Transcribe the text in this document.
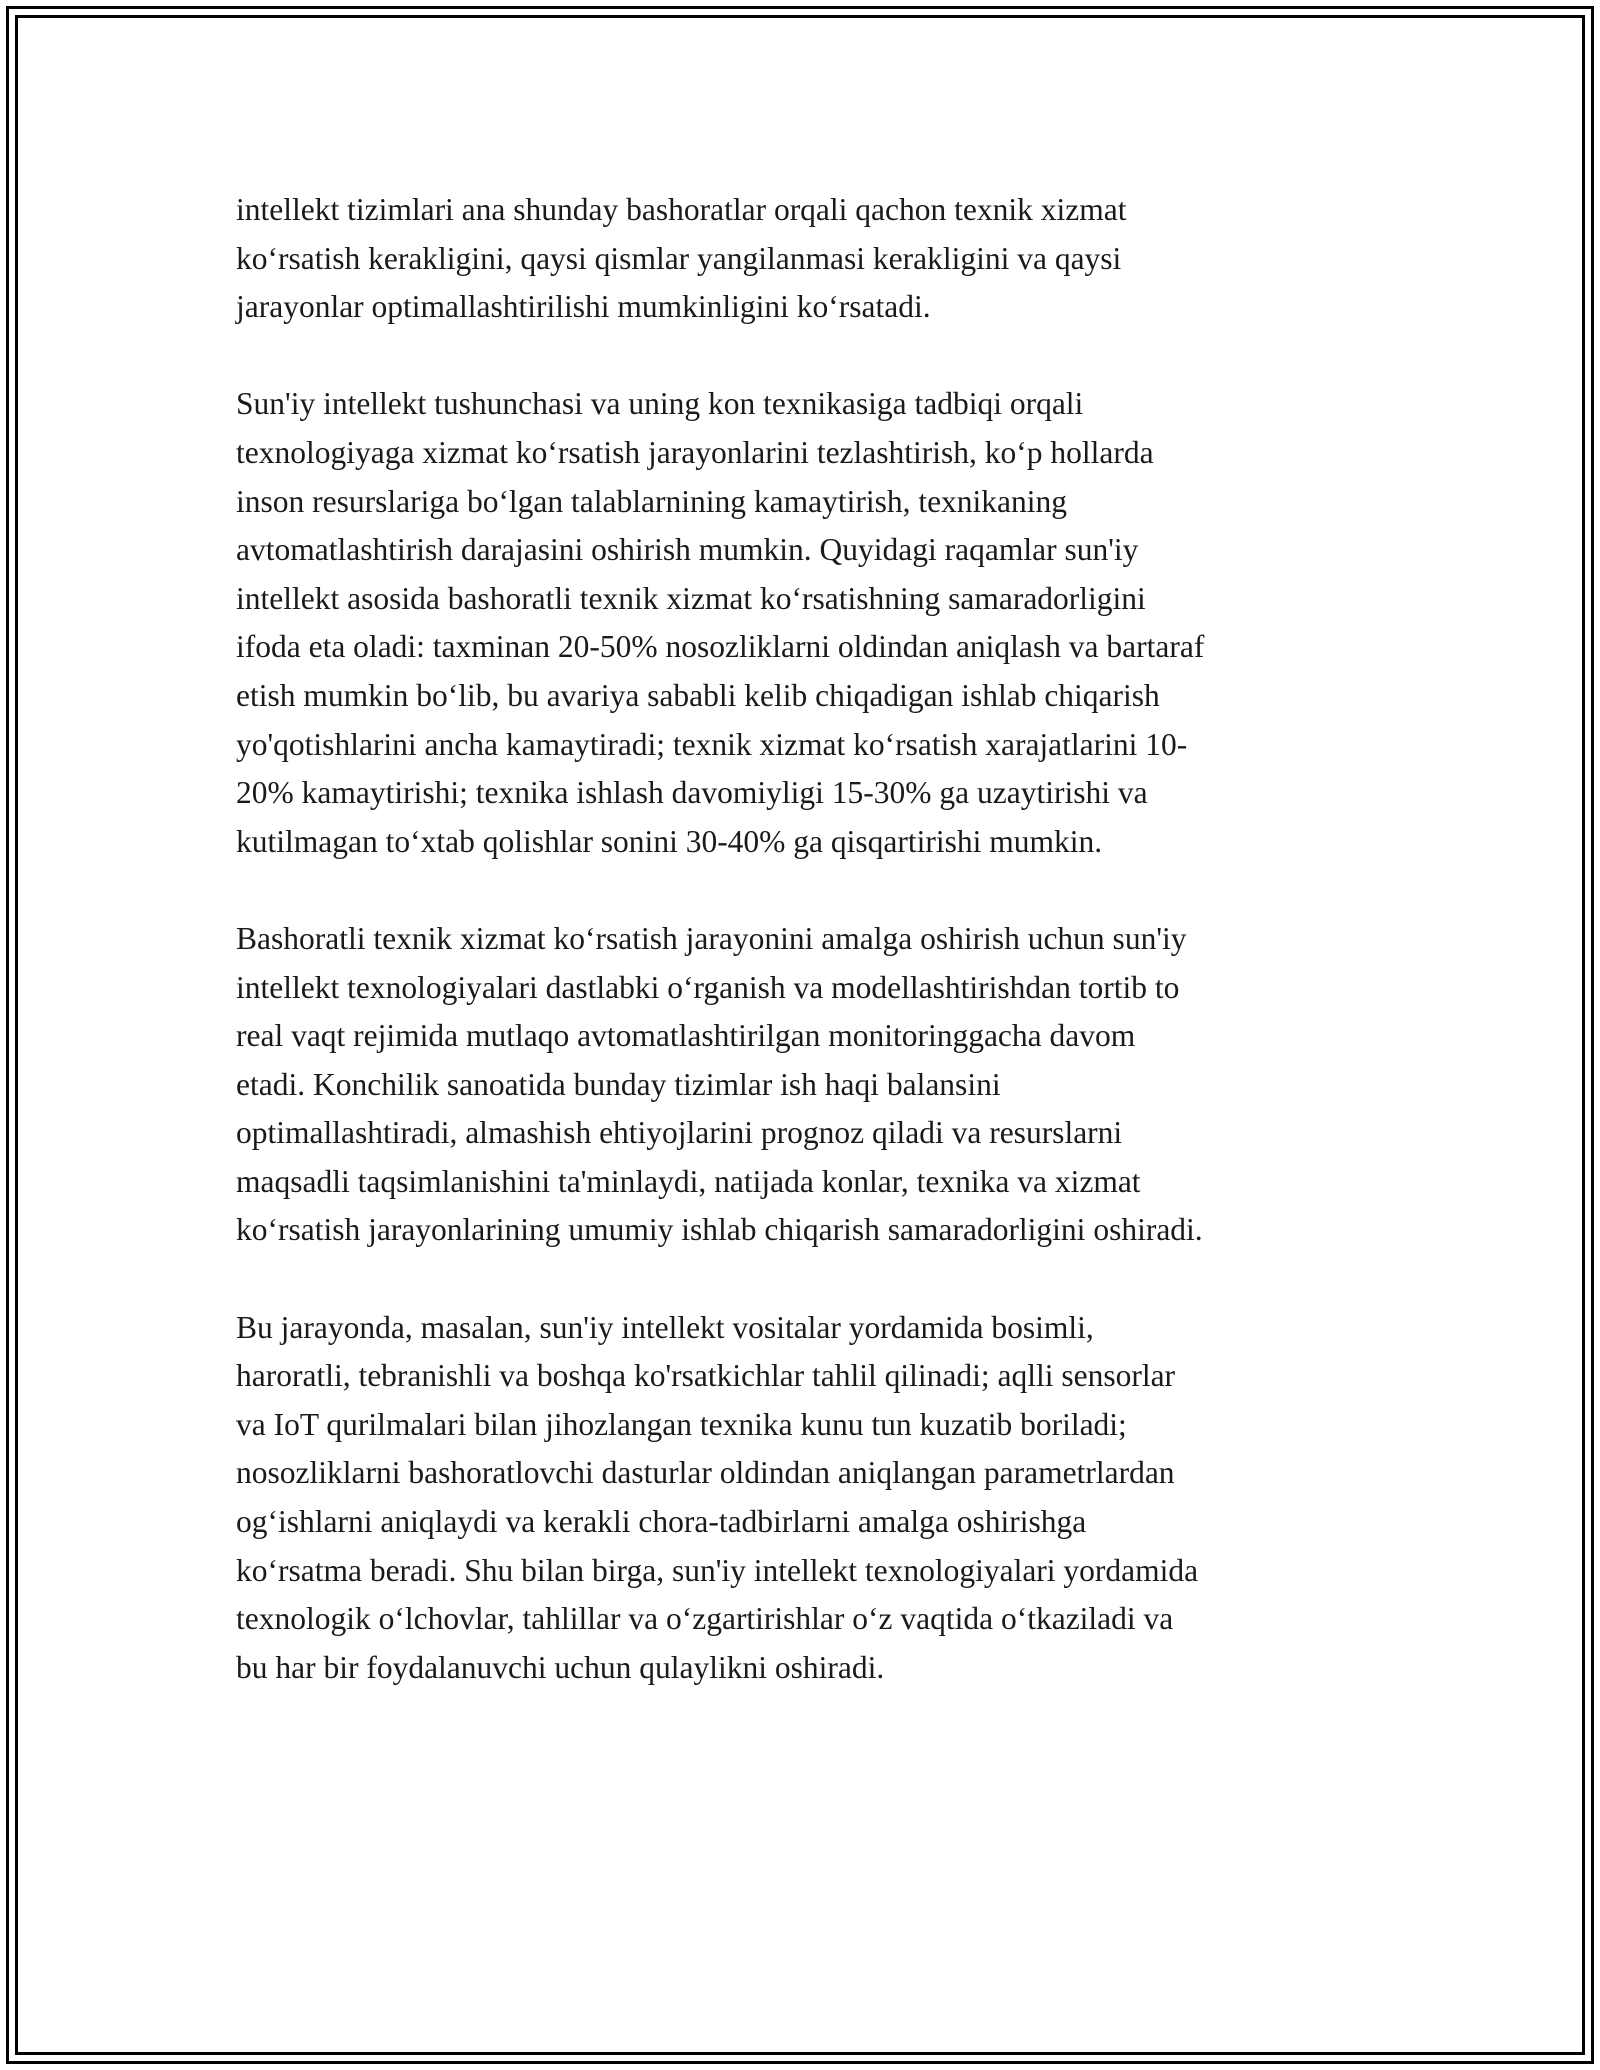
intellekt tizimlari ana shunday bashoratlar orqali qachon texnik xizmat
koʻrsatish kerakligini, qaysi qismlar yangilanmasi kerakligini va qaysi
jarayonlar optimallashtirilishi mumkinligini koʻrsatadi.

Sun'iy intellekt tushunchasi va uning kon texnikasiga tadbiqi orqali
texnologiyaga xizmat koʻrsatish jarayonlarini tezlashtirish, koʻp hollarda
inson resurslariga boʻlgan talablarnining kamaytirish, texnikaning
avtomatlashtirish darajasini oshirish mumkin. Quyidagi raqamlar sun'iy
intellekt asosida bashoratli texnik xizmat koʻrsatishning samaradorligini
ifoda eta oladi: taxminan 20-50% nosozliklarni oldindan aniqlash va bartaraf
etish mumkin boʻlib, bu avariya sababli kelib chiqadigan ishlab chiqarish
yo'qotishlarini ancha kamaytiradi; texnik xizmat koʻrsatish xarajatlarini 10-
20% kamaytirishi; texnika ishlash davomiyligi 15-30% ga uzaytirishi va
kutilmagan toʻxtab qolishlar sonini 30-40% ga qisqartirishi mumkin.

Bashoratli texnik xizmat koʻrsatish jarayonini amalga oshirish uchun sun'iy
intellekt texnologiyalari dastlabki oʻrganish va modellashtirishdan tortib to
real vaqt rejimida mutlaqo avtomatlashtirilgan monitoringgacha davom
etadi. Konchilik sanoatida bunday tizimlar ish haqi balansini
optimallashtiradi, almashish ehtiyojlarini prognoz qiladi va resurslarni
maqsadli taqsimlanishini ta'minlaydi, natijada konlar, texnika va xizmat
koʻrsatish jarayonlarining umumiy ishlab chiqarish samaradorligini oshiradi.

Bu jarayonda, masalan, sun'iy intellekt vositalar yordamida bosimli,
haroratli, tebranishli va boshqa ko'rsatkichlar tahlil qilinadi; aqlli sensorlar
va IoT qurilmalari bilan jihozlangan texnika kunu tun kuzatib boriladi;
nosozliklarni bashoratlovchi dasturlar oldindan aniqlangan parametrlardan
ogʻishlarni aniqlaydi va kerakli chora-tadbirlarni amalga oshirishga
koʻrsatma beradi. Shu bilan birga, sun'iy intellekt texnologiyalari yordamida
texnologik oʻlchovlar, tahlillar va oʻzgartirishlar oʻz vaqtida oʻtkaziladi va
bu har bir foydalanuvchi uchun qulaylikni oshiradi.
